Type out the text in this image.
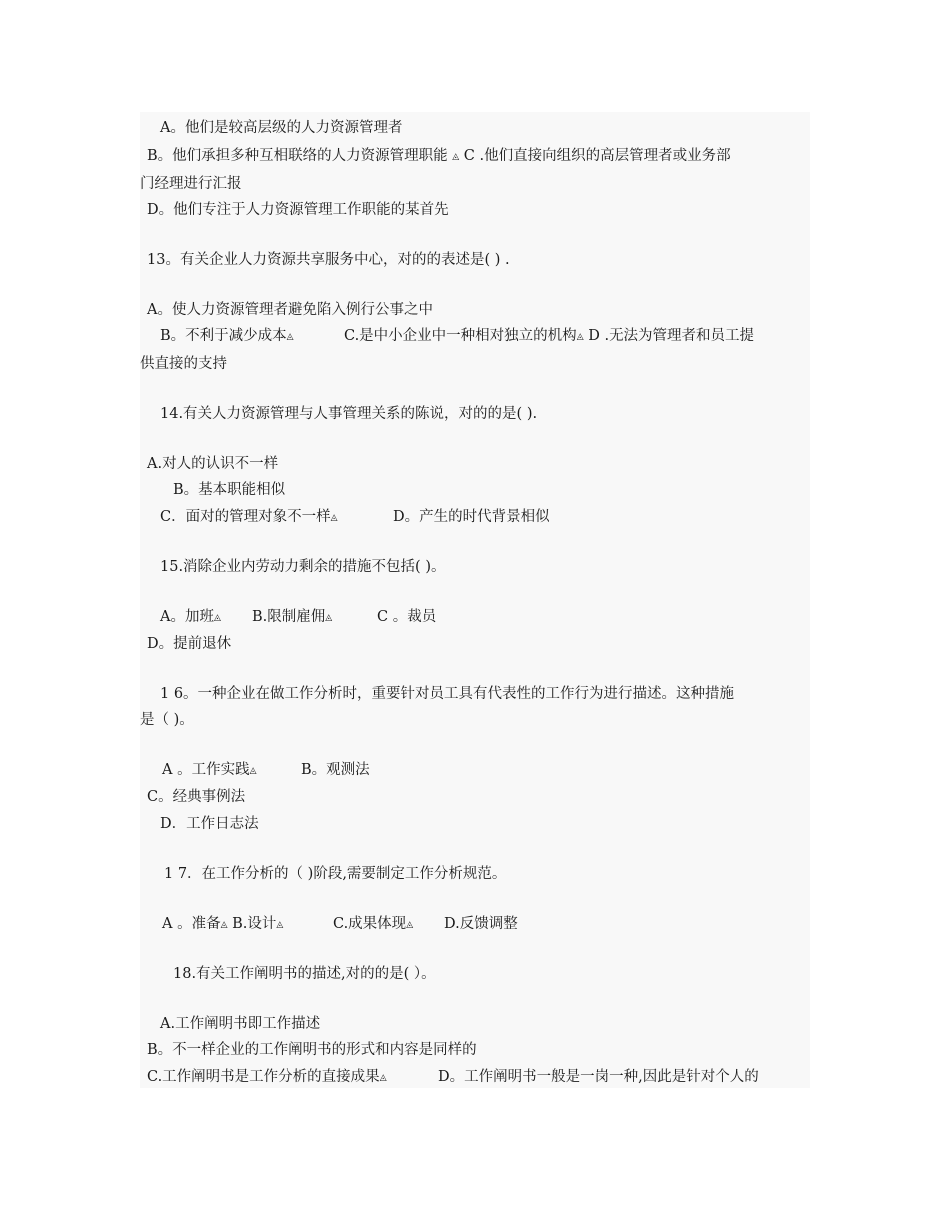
A。他们是较高层级的人力资源管理者
B。他们承担多种互相联络的人力资源管理职能 ◬ C .他们直接向组织的高层管理者或业务部
门经理进行汇报
D。他们专注于人力资源管理工作职能的某首先
13。有关企业人力资源共享服务中心，对的的表述是( ) .
A。使人力资源管理者避免陷入例行公事之中
B。不利于减少成本◬	C.是中小企业中一种相对独立的机构◬ D .无法为管理者和员工提
供直接的支持
14.有关人力资源管理与人事管理关系的陈说，对的的是( ).
A.对人的认识不一样
B。基本职能相似
C．面对的管理对象不一样◬	D。产生的时代背景相似
15.消除企业内劳动力剩余的措施不包括( )。
A。加班◬ B.限制雇佣◬	C 。裁员
D。提前退休
1 6。一种企业在做工作分析时，重要针对员工具有代表性的工作行为进行描述。这种措施
是（ )。
A 。工作实践◬	B。观测法
C。经典事例法
D．工作日志法
1 7．在工作分析的（ )阶段,需要制定工作分析规范。
A 。准备◬ B.设计◬	C.成果体现◬ D.反馈调整
18.有关工作阐明书的描述,对的的是( ）。
A.工作阐明书即工作描述
B。不一样企业的工作阐明书的形式和内容是同样的
C.工作阐明书是工作分析的直接成果◬	D。工作阐明书一般是一岗一种,因此是针对个人的
